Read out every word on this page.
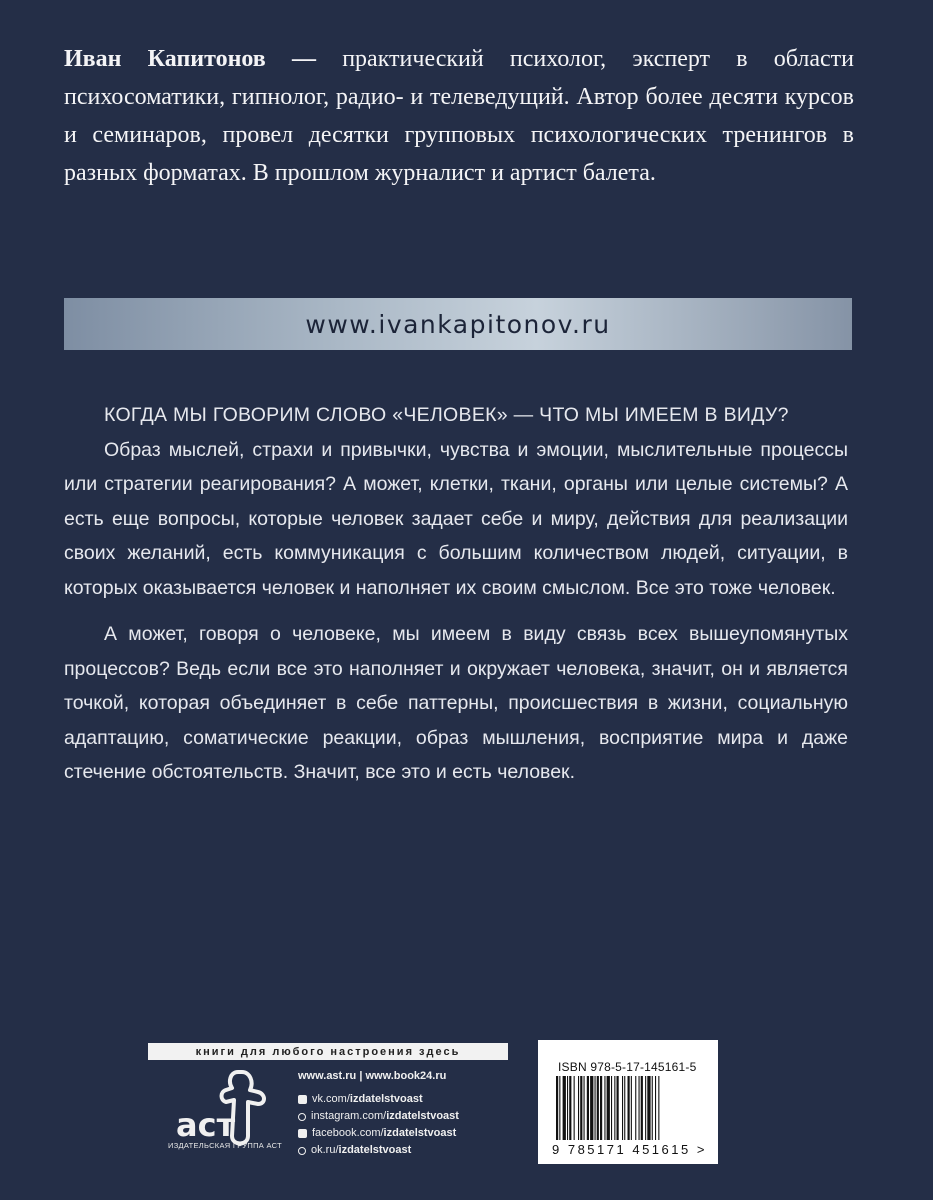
Иван Капитонов — практический психолог, эксперт в области психосоматики, гипнолог, радио- и телеведущий. Автор более десяти курсов и семинаров, провел десятки групповых психологических тренингов в разных форматах. В прошлом журналист и артист балета.
www.ivankapitonov.ru

КОГДА МЫ ГОВОРИМ СЛОВО «ЧЕЛОВЕК» — ЧТО МЫ ИМЕЕМ В ВИДУ?

Образ мыслей, страхи и привычки, чувства и эмоции, мыслительные процессы или стратегии реагирования? А может, клетки, ткани, органы или целые системы? А есть еще вопросы, которые человек задает себе и миру, действия для реализации своих желаний, есть коммуникация с большим количеством людей, ситуации, в которых оказывается человек и наполняет их своим смыслом. Все это тоже человек.

А может, говоря о человеке, мы имеем в виду связь всех вышеупомянутых процессов? Ведь если все это наполняет и окружает человека, значит, он и является точкой, которая объединяет в себе паттерны, происшествия в жизни, социальную адаптацию, соматические реакции, образ мышления, восприятие мира и даже стечение обстоятельств. Значит, все это и есть человек.

книги для любого настроения здесь
аст
ИЗДАТЕЛЬСКАЯ ГРУППА АСТ
www.ast.ru | www.book24.ru
vk.com/ izdatelstvoast
instagram.com/ izdatelstvoast
facebook.com/ izdatelstvoast
ok.ru/ izdatelstvoast
ISBN 978-5-17-145161-5
9 785171 451615 >
